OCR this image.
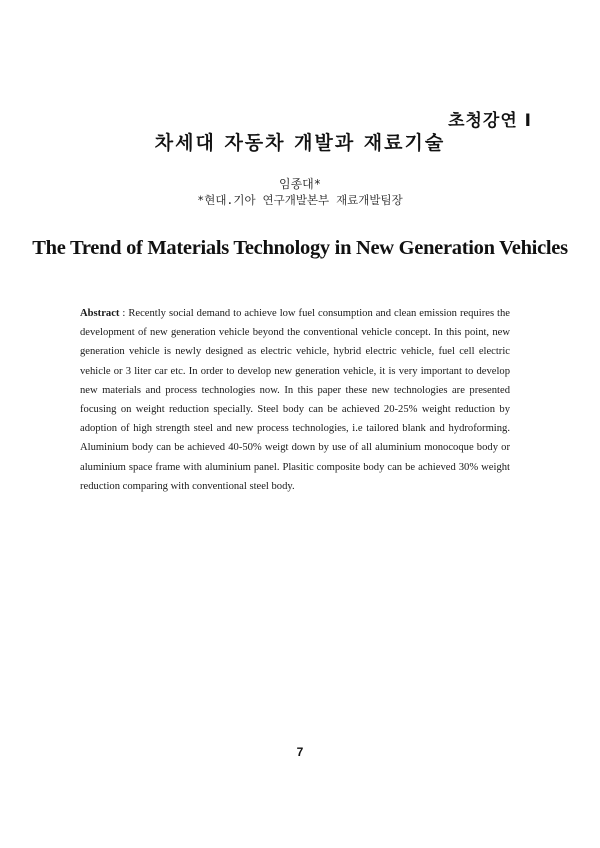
초청강연 I
차세대 자동차 개발과 재료기술
임종대*
*현대.기아 연구개발본부 재료개발팀장
The Trend of Materials Technology in New Generation Vehicles
Abstract : Recently social demand to achieve low fuel consumption and clean emission requires the development of new generation vehicle beyond the conventional vehicle concept. In this point, new generation vehicle is newly designed as electric vehicle, hybrid electric vehicle, fuel cell electric vehicle or 3 liter car etc. In order to develop new generation vehicle, it is very important to develop new materials and process technologies now. In this paper these new technologies are presented focusing on weight reduction specially. Steel body can be achieved 20-25% weight reduction by adoption of high strength steel and new process technologies, i.e tailored blank and hydroforming. Aluminium body can be achieved 40-50% weigt down by use of all aluminium monocoque body or aluminium space frame with aluminium panel. Plasitic composite body can be achieved 30% weight reduction comparing with conventional steel body.
7
